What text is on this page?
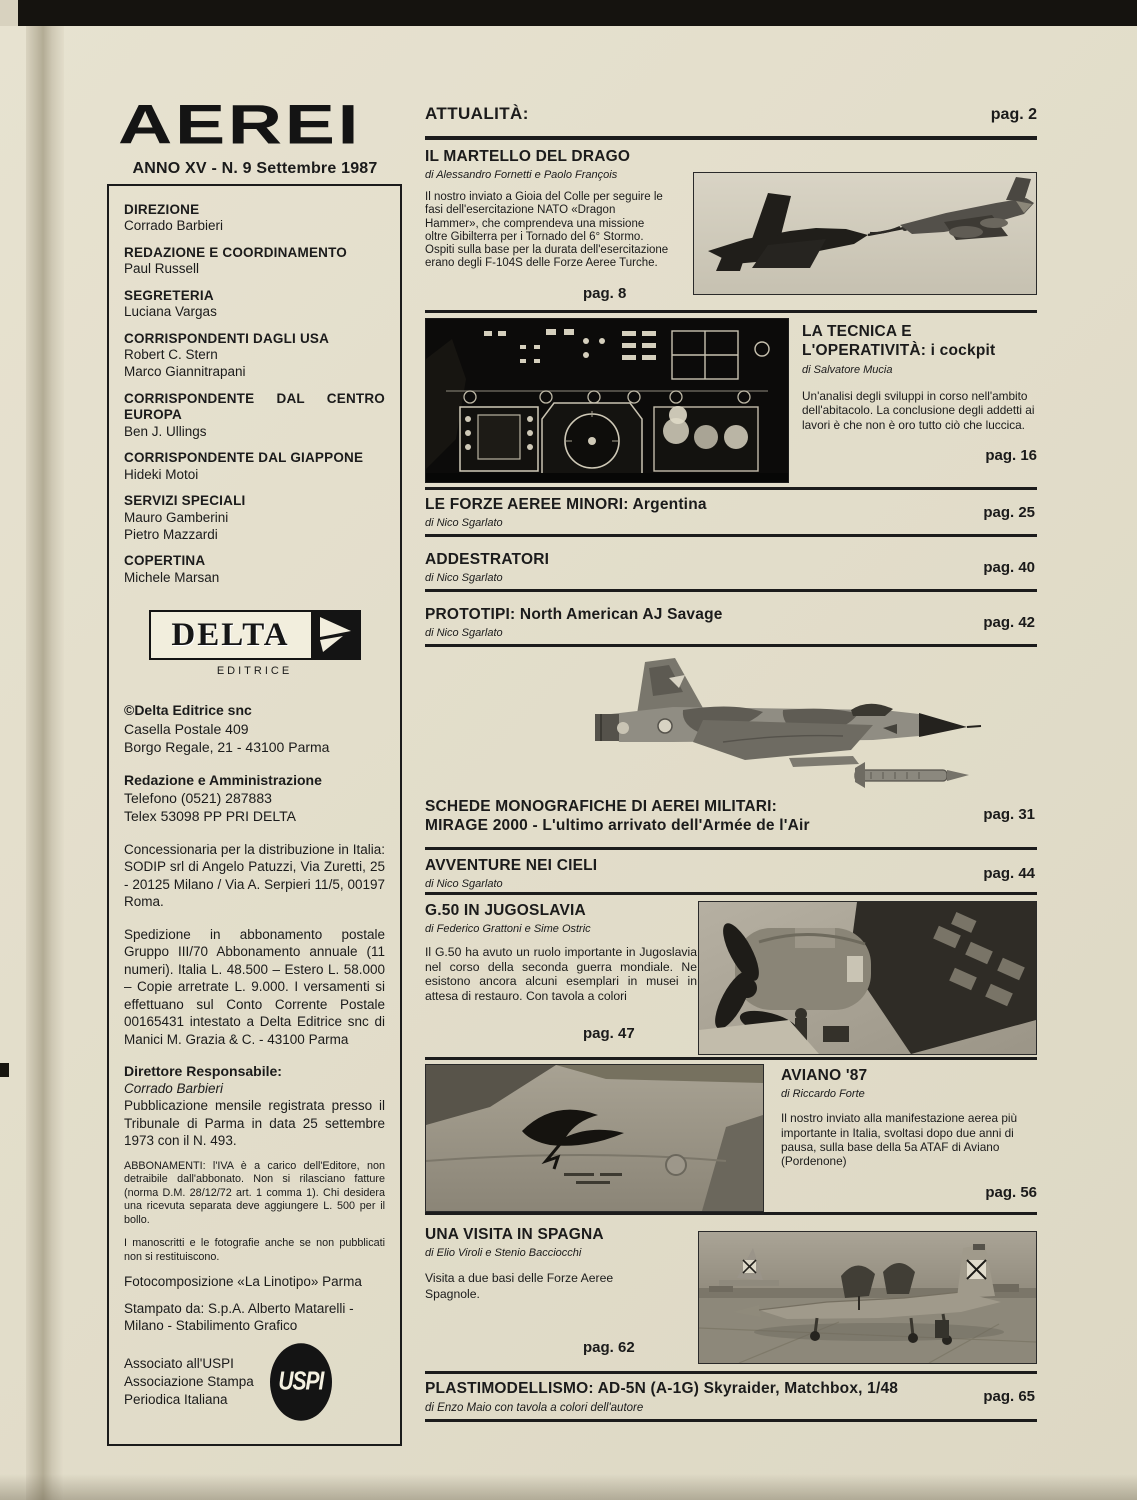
AEREI
ANNO XV - N. 9 Settembre 1987
DIREZIONE
Corrado Barbieri
REDAZIONE E COORDINAMENTO
Paul Russell
SEGRETERIA
Luciana Vargas
CORRISPONDENTI DAGLI USA
Robert C. Stern
Marco Giannitrapani
CORRISPONDENTE DAL CENTRO EUROPA
Ben J. Ullings
CORRISPONDENTE DAL GIAPPONE
Hideki Motoi
SERVIZI SPECIALI
Mauro Gamberini
Pietro Mazzardi
COPERTINA
Michele Marsan
DELTA
EDITRICE
©Delta Editrice snc
Casella Postale 409
Borgo Regale, 21 - 43100 Parma
Redazione e Amministrazione
Telefono (0521) 287883
Telex 53098 PP PRI DELTA
Concessionaria per la distribuzione in Italia: SODIP srl di Angelo Patuzzi, Via Zuretti, 25 - 20125 Milano / Via A. Serpieri 11/5, 00197 Roma.
Spedizione in abbonamento postale Gruppo III/70 Abbonamento annuale (11 numeri). Italia L. 48.500 – Estero L. 58.000 – Copie arretrate L. 9.000. I versamenti si effettuano sul Conto Corrente Postale 00165431 intestato a Delta Editrice snc di Manici M. Grazia & C. - 43100 Parma
Direttore Responsabile:
Corrado Barbieri
Pubblicazione mensile registrata presso il Tribunale di Parma in data 25 settembre 1973 con il N. 493.
ABBONAMENTI: l'IVA è a carico dell'Editore, non detraibile dall'abbonato. Non si rilasciano fatture (norma D.M. 28/12/72 art. 1 comma 1). Chi desidera una ricevuta separata deve aggiungere L. 500 per il bollo.
I manoscritti e le fotografie anche se non pubblicati non si restituiscono.
Fotocomposizione «La Linotipo» Parma
Stampato da: S.p.A. Alberto Matarelli - Milano - Stabilimento Grafico
Associato all'USPI
Associazione Stampa
Periodica Italiana
USPI
ATTUALITÀ:	pag. 2
IL MARTELLO DEL DRAGO
di Alessandro Fornetti e Paolo François
Il nostro inviato a Gioia del Colle per seguire le fasi dell'esercitazione NATO «Dragon Hammer», che comprendeva una missione oltre Gibilterra per i Tornado del 6° Stormo. Ospiti sulla base per la durata dell'esercitazione erano degli F-104S delle Forze Aeree Turche.
pag. 8
LA TECNICA E L'OPERATIVITÀ: i cockpit
di Salvatore Mucia
Un'analisi degli sviluppi in corso nell'ambito dell'abitacolo. La conclusione degli addetti ai lavori è che non è oro tutto ciò che luccica.
pag. 16
LE FORZE AEREE MINORI: Argentina
di Nico Sgarlato
pag. 25
ADDESTRATORI
di Nico Sgarlato
pag. 40
PROTOTIPI: North American AJ Savage
di Nico Sgarlato
pag. 42
SCHEDE MONOGRAFICHE DI AEREI MILITARI:
MIRAGE 2000 - L'ultimo arrivato dell'Armée de l'Air
pag. 31
AVVENTURE NEI CIELI
di Nico Sgarlato
pag. 44
G.50 IN JUGOSLAVIA
di Federico Grattoni e Sime Ostric
Il G.50 ha avuto un ruolo importante in Jugoslavia nel corso della seconda guerra mondiale. Ne esistono ancora alcuni esemplari in musei in attesa di restauro. Con tavola a colori
pag. 47
AVIANO '87
di Riccardo Forte
Il nostro inviato alla manifestazione aerea più importante in Italia, svoltasi dopo due anni di pausa, sulla base della 5a ATAF di Aviano (Pordenone)
pag. 56
UNA VISITA IN SPAGNA
di Elio Viroli e Stenio Bacciocchi
Visita a due basi delle Forze Aeree Spagnole.
pag. 62
PLASTIMODELLISMO: AD-5N (A-1G) Skyraider, Matchbox, 1/48
di Enzo Maio con tavola a colori dell'autore
pag. 65
